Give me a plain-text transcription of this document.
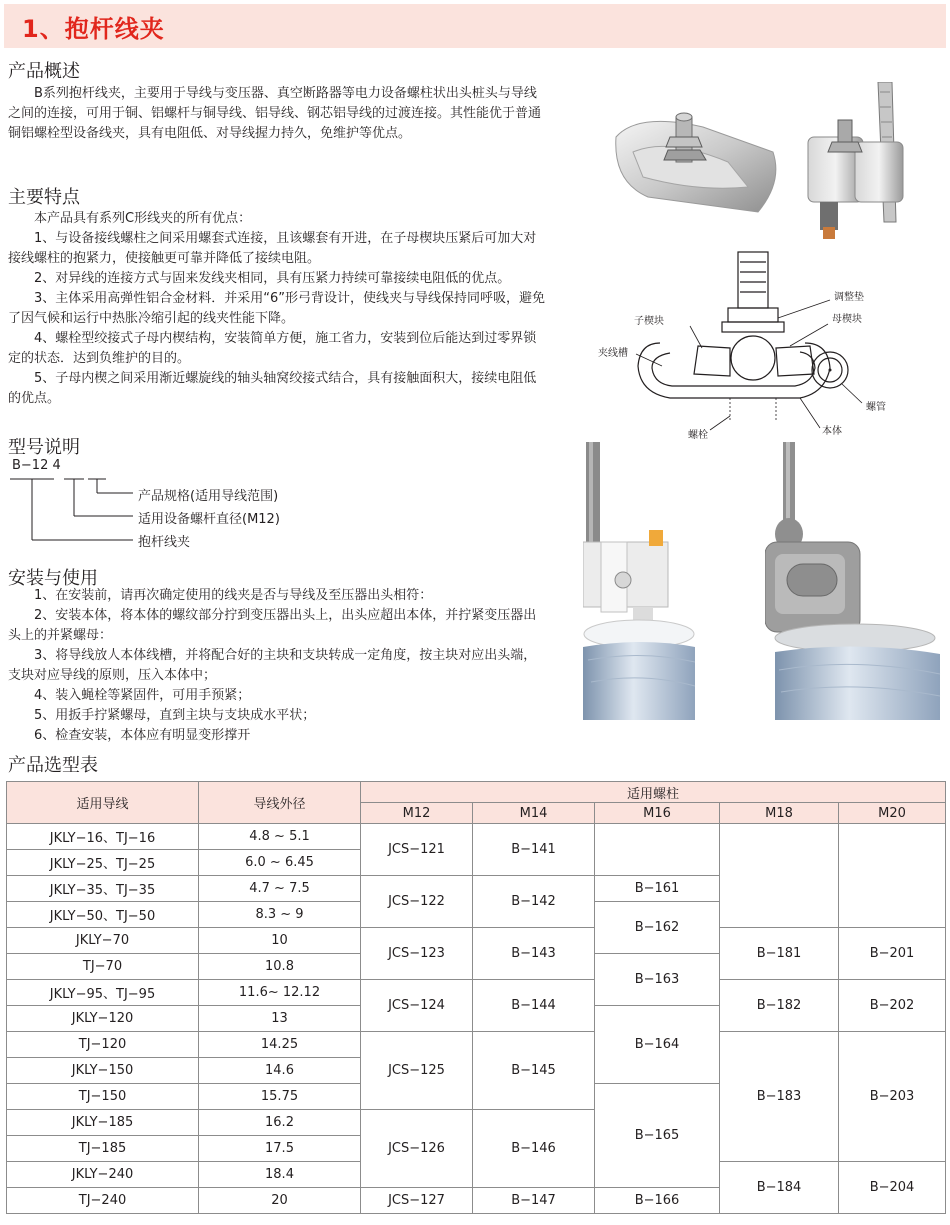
1、抱杆线夹
产品概述

B系列抱杆线夹，主要用于导线与变压器、真空断路器等电力设备螺柱状出头桩头与导线之间的连接，可用于铜、铝螺杆与铜导线、铝导线、钢芯铝导线的过渡连接。其性能优于普通铜铝螺栓型设备线夹，具有电阻低、对导线握力持久，免维护等优点。

主要特点

本产品具有系列C形线夹的所有优点：

1、与设备接线螺柱之间采用螺套式连接，且该螺套有开进，在子母楔块压紧后可加大对接线螺柱的抱紧力，使接触更可靠并降低了接续电阻。

2、对异线的连接方式与固来发线夹相同，具有压紧力持续可靠接续电阻低的优点。

3、主体采用高弹性铝合金材料．并采用“6”形弓背设计，使线夹与导线保持同呼吸，避免了因气候和运行中热胀冷缩引起的线夹性能下降。

4、螺栓型绞接式子母内楔结构，安装简单方便，施工省力，安装到位后能达到过零界锁定的状态．达到负维护的目的。

5、子母内楔之间采用渐近螺旋线的轴头轴窝绞接式结合，具有接触面积大，接续电阻低的优点。

型号说明
B−12 4
产品规格(适用导线范围)
适用设备螺杆直径(M12)
抱杆线夹
安装与使用

1、在安装前，请再次确定使用的线夹是否与导线及至压器出头相符：

2、安装本体，将本体的螺纹部分拧到变压器出头上，出头应超出本体，并拧紧变压器出头上的并紧螺母：

3、将导线放人本体线槽，并将配合好的主块和支块转成一定角度，按主块对应出头端，支块对应导线的原则，压入本体中；

4、装入蝇栓等紧固件，可用手预紧；

5、用扳手拧紧螺母，直到主块与支块成水平状；

6、检查安装，本体应有明显变形撑开

调整垫
母楔块
子楔块
夹线槽
螺管
螺栓	本体
产品选型表
适用导线	导线外径	适用螺柱				
		M12	M14	M16	M18	M20
JKLY−16、TJ−16	4.8 ~ 5.1	JCS−121	B−141			
JKLY−25、TJ−25	6.0 ~ 6.45					
JKLY−35、TJ−35	4.7 ~ 7.5	JCS−122	B−142	B−161		
JKLY−50、TJ−50	8.3 ~ 9			B−162		
JKLY−70	10	JCS−123	B−143		B−181	B−201
TJ−70	10.8			B−163		
JKLY−95、TJ−95	11.6~ 12.12	JCS−124	B−144		B−182	B−202
JKLY−120	13			B−164		
TJ−120	14.25	JCS−125	B−145		B−183	B−203
JKLY−150	14.6					
TJ−150	15.75			B−165		
JKLY−185	16.2	JCS−126	B−146			
TJ−185	17.5					
JKLY−240	18.4				B−184	B−204
TJ−240	20	JCS−127	B−147	B−166		
